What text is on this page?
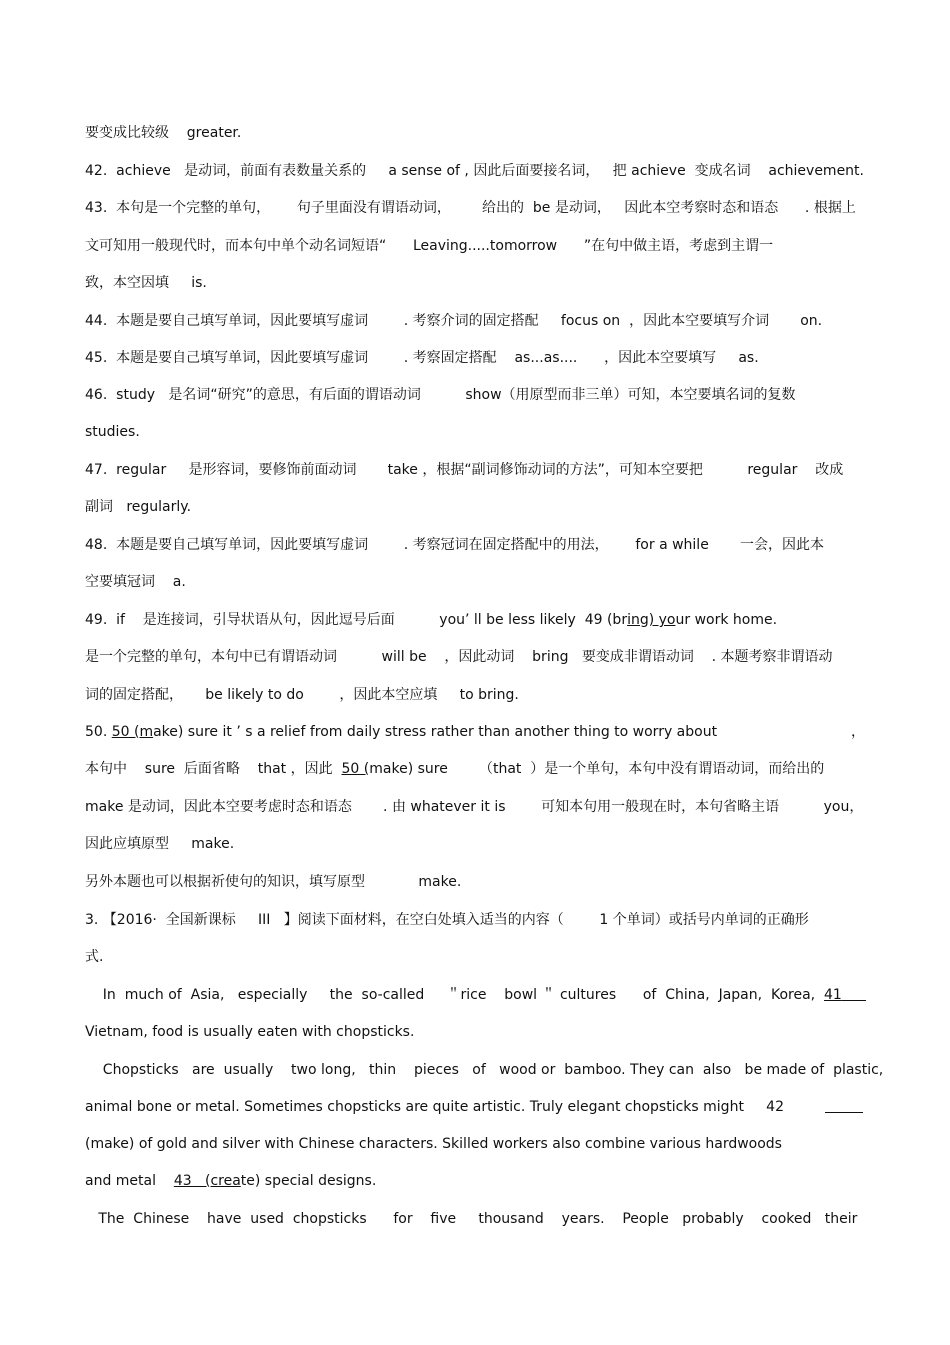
要变成比较级    greater.
42.  achieve   是动词，前面有表数量关系的     a sense of , 因此后面要接名词，   把 achieve  变成名词    achievement.
43.  本句是一个完整的单句，      句子里面没有谓语动词，       给出的  be 是动词，   因此本空考察时态和语态      . 根据上
文可知用一般现代时，而本句中单个动名词短语“      Leaving.....tomorrow      ”在句中做主语，考虑到主谓一
致，本空因填     is.
44.  本题是要自己填写单词，因此要填写虚词        . 考察介词的固定搭配     focus on  ，因此本空要填写介词       on.
45.  本题是要自己填写单词，因此要填写虚词        . 考察固定搭配    as...as....      ，因此本空要填写     as.
46.  study   是名词“研究”的意思，有后面的谓语动词          show（用原型而非三单）可知，本空要填名词的复数
studies.
47.  regular     是形容词，要修饰前面动词       take ，根据“副词修饰动词的方法”，可知本空要把          regular    改成
副词   regularly.
48.  本题是要自己填写单词，因此要填写虚词        . 考察冠词在固定搭配中的用法，      for a while       一会，因此本
空要填冠词    a.
49.  if    是连接词，引导状语从句，因此逗号后面          you’ ll be less likely  49 (bring) your work home.
是一个完整的单句，本句中已有谓语动词          will be    ，因此动词    bring   要变成非谓语动词    . 本题考察非谓语动
词的固定搭配，     be likely to do        ，因此本空应填     to bring.
50. 50 (make) sure it ’ s a relief from daily stress rather than another thing to worry about	，
本句中    sure  后面省略    that ，因此  50 (make) sure       （that  ）是一个单句，本句中没有谓语动词，而给出的
make 是动词，因此本空要考虑时态和语态       . 由 whatever it is        可知本句用一般现在时，本句省略主语          you，
因此应填原型     make.
另外本题也可以根据祈使句的知识，填写原型            make.
3. 【2016·  全国新课标     III   】阅读下面材料，在空白处填入适当的内容（        1 个单词）或括号内单词的正确形
式.
In  much of  Asia,   especially     the  so-called     ＂rice    bowl ＂ cultures      of  China,  Japan,  Korea,  41
Vietnam, food is usually eaten with chopsticks.
Chopsticks   are  usually    two long,   thin    pieces   of   wood or  bamboo. They can  also   be made of  plastic,
animal bone or metal. Sometimes chopsticks are quite artistic. Truly elegant chopsticks might     42
(make) of gold and silver with Chinese characters. Skilled workers also combine various hardwoods
and metal    43   (create) special designs.
The  Chinese    have  used  chopsticks      for    five     thousand    years.    People   probably    cooked   their
